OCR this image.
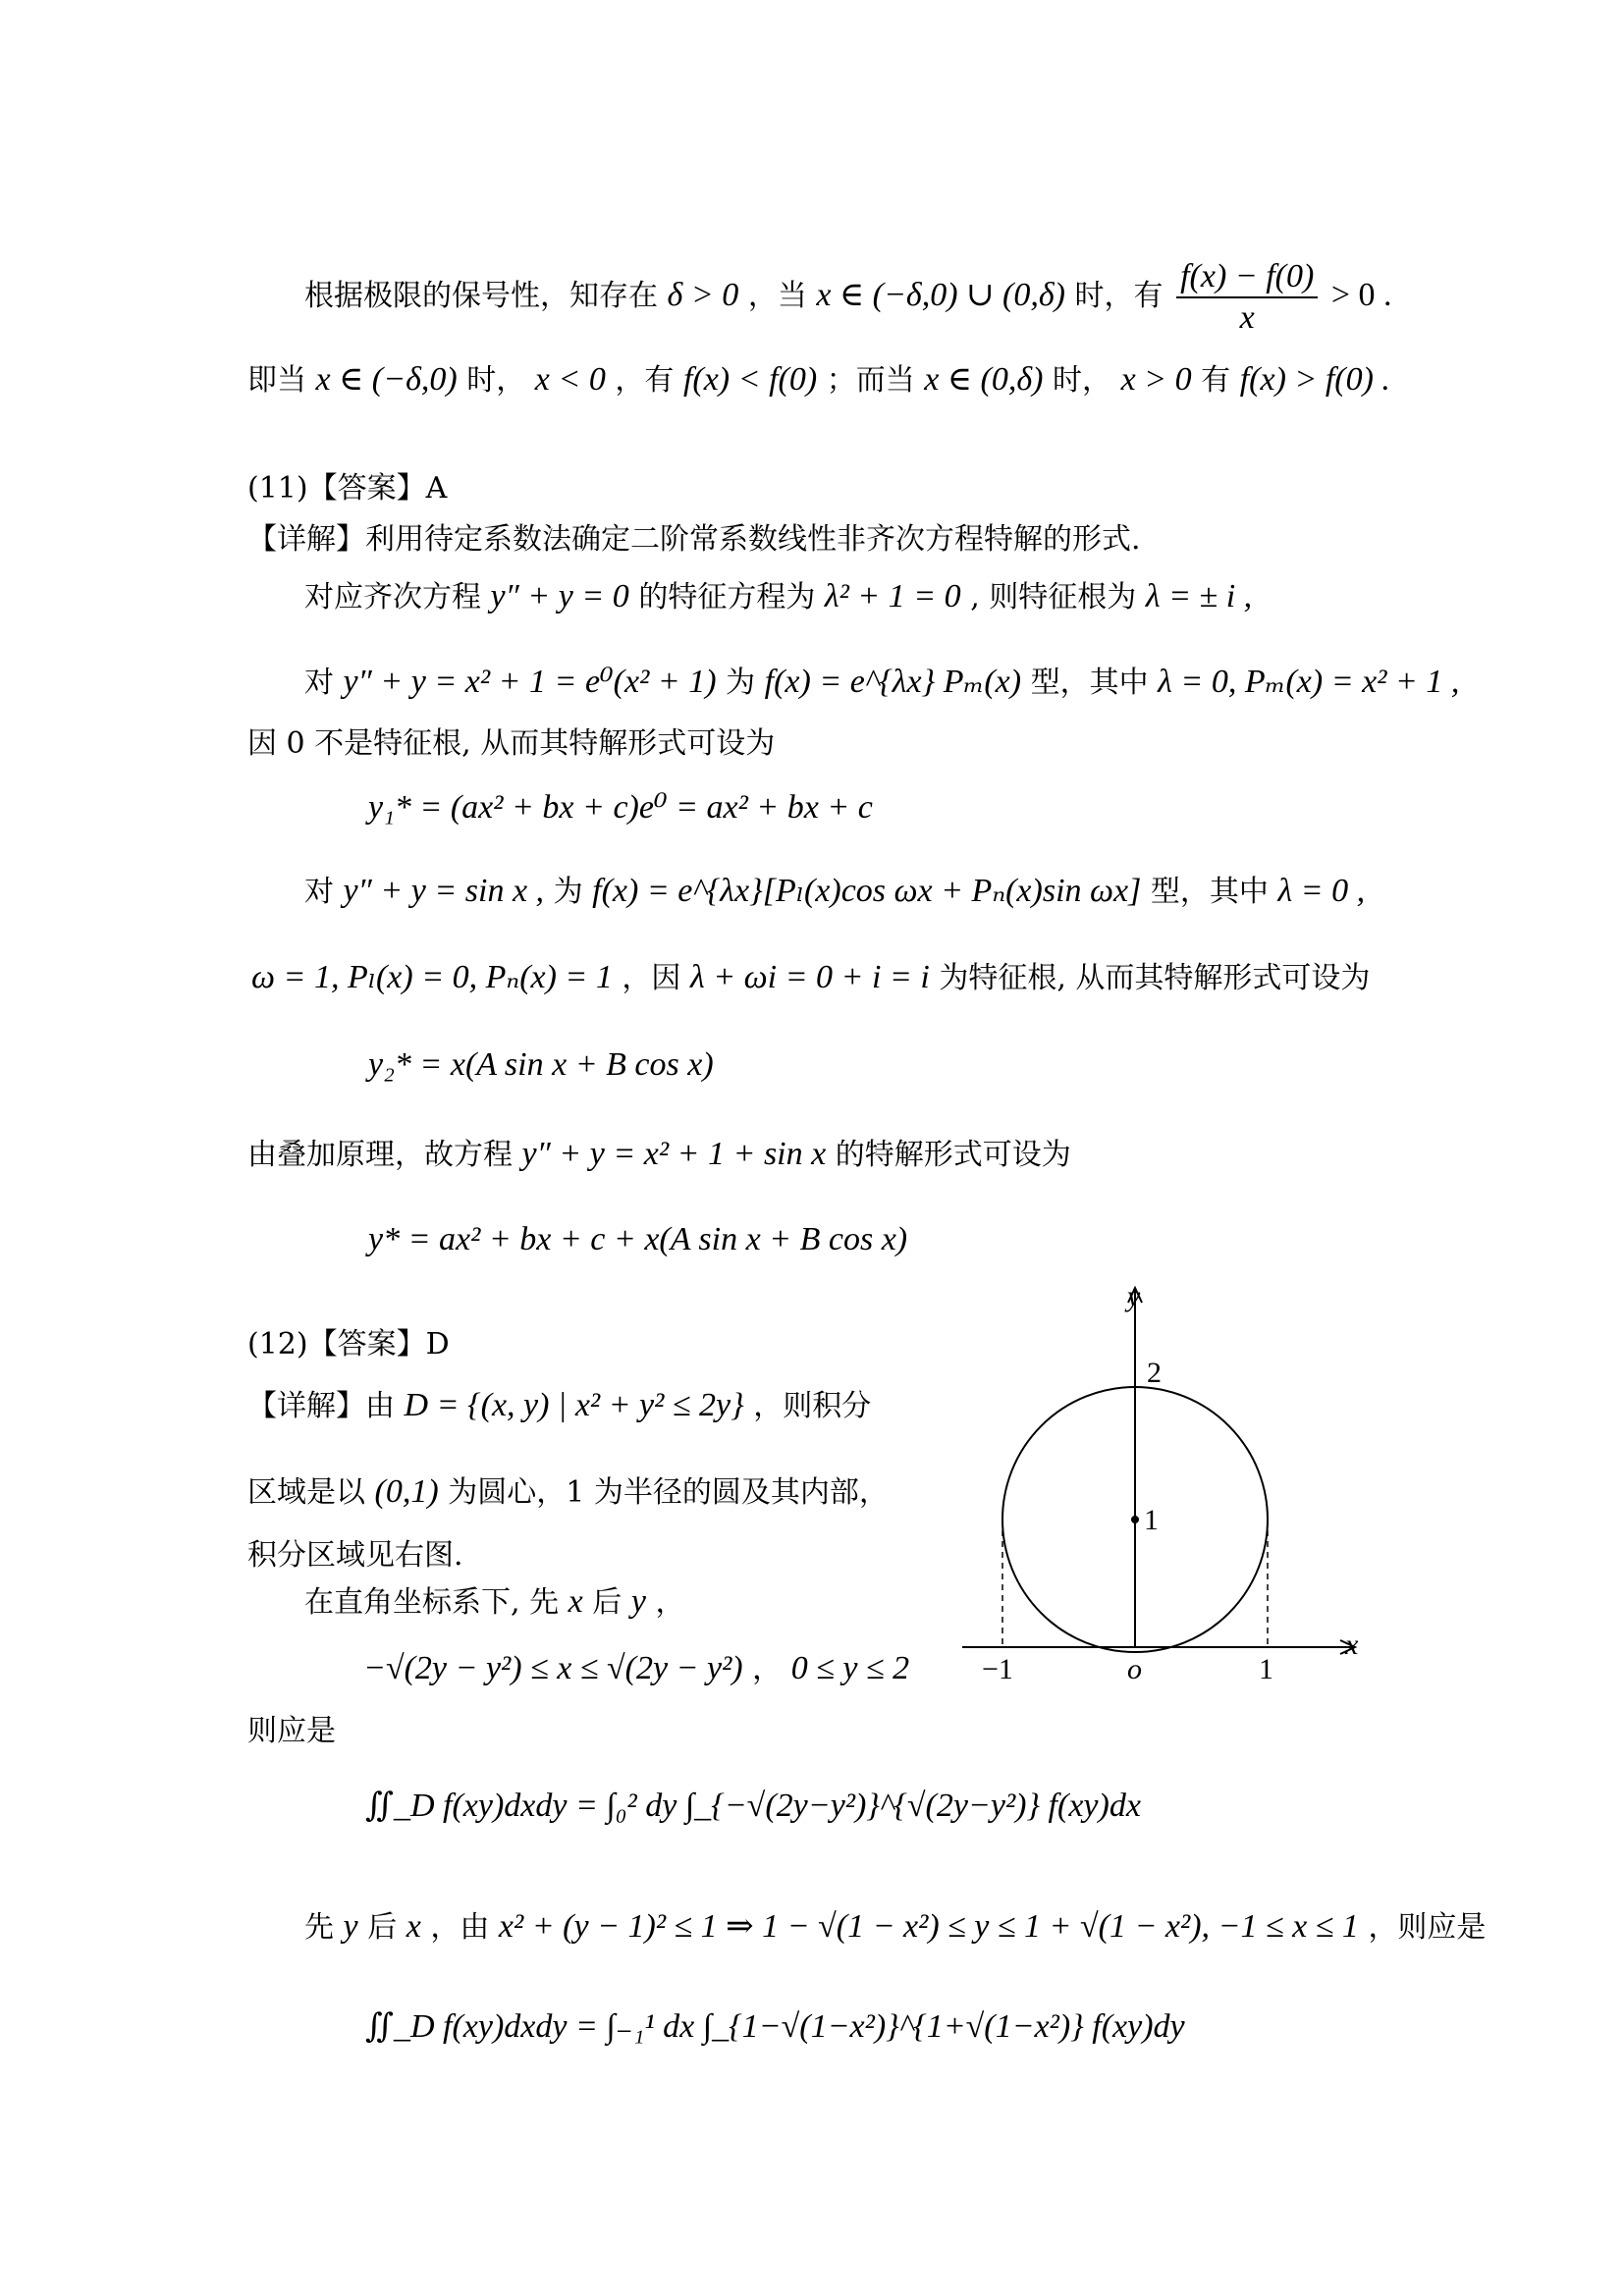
根据极限的保号性，知存在 δ > 0 ，当 x ∈ (−δ,0) ∪ (0,δ) 时，有 $\frac{f(x) - f(0)}{x} > 0$ .
即当 x ∈ (−δ,0) 时， x < 0 ，有 f(x) < f(0) ；而当 x ∈ (0,δ) 时， x > 0 有 f(x) > f(0) .
(11)【答案】A
【详解】利用待定系数法确定二阶常系数线性非齐次方程特解的形式.
对应齐次方程 y″ + y = 0 的特征方程为 λ² + 1 = 0 , 则特征根为 λ = ± i ,
对 y″ + y = x² + 1 = e⁰(x² + 1) 为 f(x) = e^{λx} Pₘ(x) 型，其中 λ = 0, Pₘ(x) = x² + 1 ,
因 0 不是特征根, 从而其特解形式可设为
y₁* = (ax² + bx + c)e⁰ = ax² + bx + c
对 y″ + y = sin x , 为 f(x) = e^{λx}[Pₗ(x)cos ωx + Pₙ(x)sin ωx] 型，其中 λ = 0 ,
ω = 1, Pₗ(x) = 0, Pₙ(x) = 1 ，因 λ + ωi = 0 + i = i 为特征根, 从而其特解形式可设为
y₂* = x(A sin x + B cos x)
由叠加原理，故方程 y″ + y = x² + 1 + sin x 的特解形式可设为
y* = ax² + bx + c + x(A sin x + B cos x)
(12)【答案】D
【详解】由 D = {(x, y) | x² + y² ≤ 2y} ，则积分
区域是以 (0,1) 为圆心，1 为半径的圆及其内部，
积分区域见右图.
在直角坐标系下, 先 x 后 y ，
−√(2y − y²) ≤ x ≤ √(2y − y²) ， 0 ≤ y ≤ 2
则应是
∬_D f(xy)dxdy = ∫₀² dy ∫_{−√(2y−y²)}^{√(2y−y²)} f(xy)dx
先 y 后 x ，由 x² + (y − 1)² ≤ 1 ⇒ 1 − √(1 − x²) ≤ y ≤ 1 + √(1 − x²), −1 ≤ x ≤ 1 ，则应是
∬_D f(xy)dxdy = ∫₋₁¹ dx ∫_{1−√(1−x²)}^{1+√(1−x²)} f(xy)dy
y
2
1
o
−1	1
x
